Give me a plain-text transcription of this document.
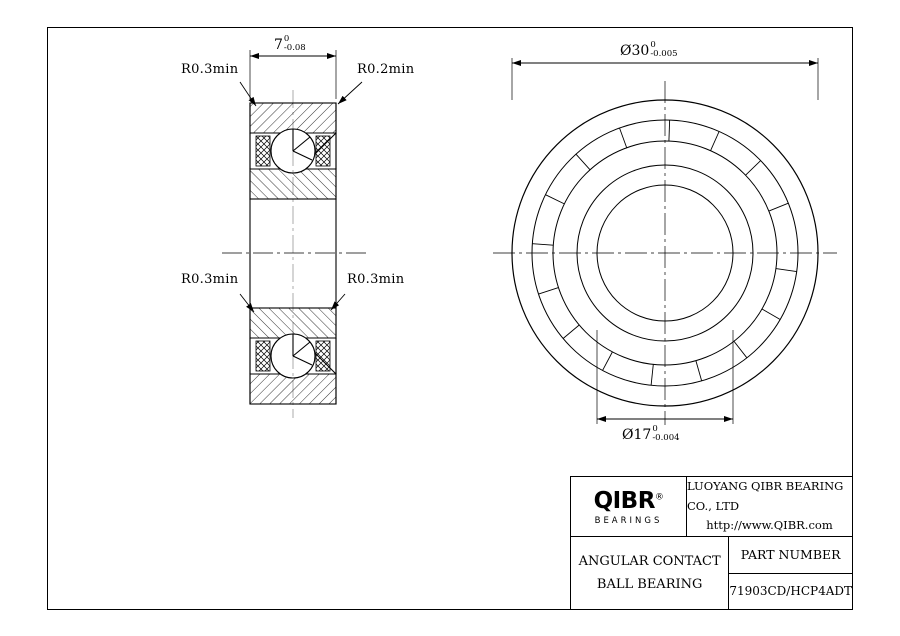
R0.3min	R0.2min
R0.3min	R0.3min
7 0
-0.08	Ø30 0
-0.005
Ø17 0
-0.004
QIBR®
BEARINGS
LUOYANG QIBR BEARING CO., LTD
http://www.QIBR.com
ANGULAR CONTACT
BALL BEARING
PART NUMBER
71903CD/HCP4ADT
